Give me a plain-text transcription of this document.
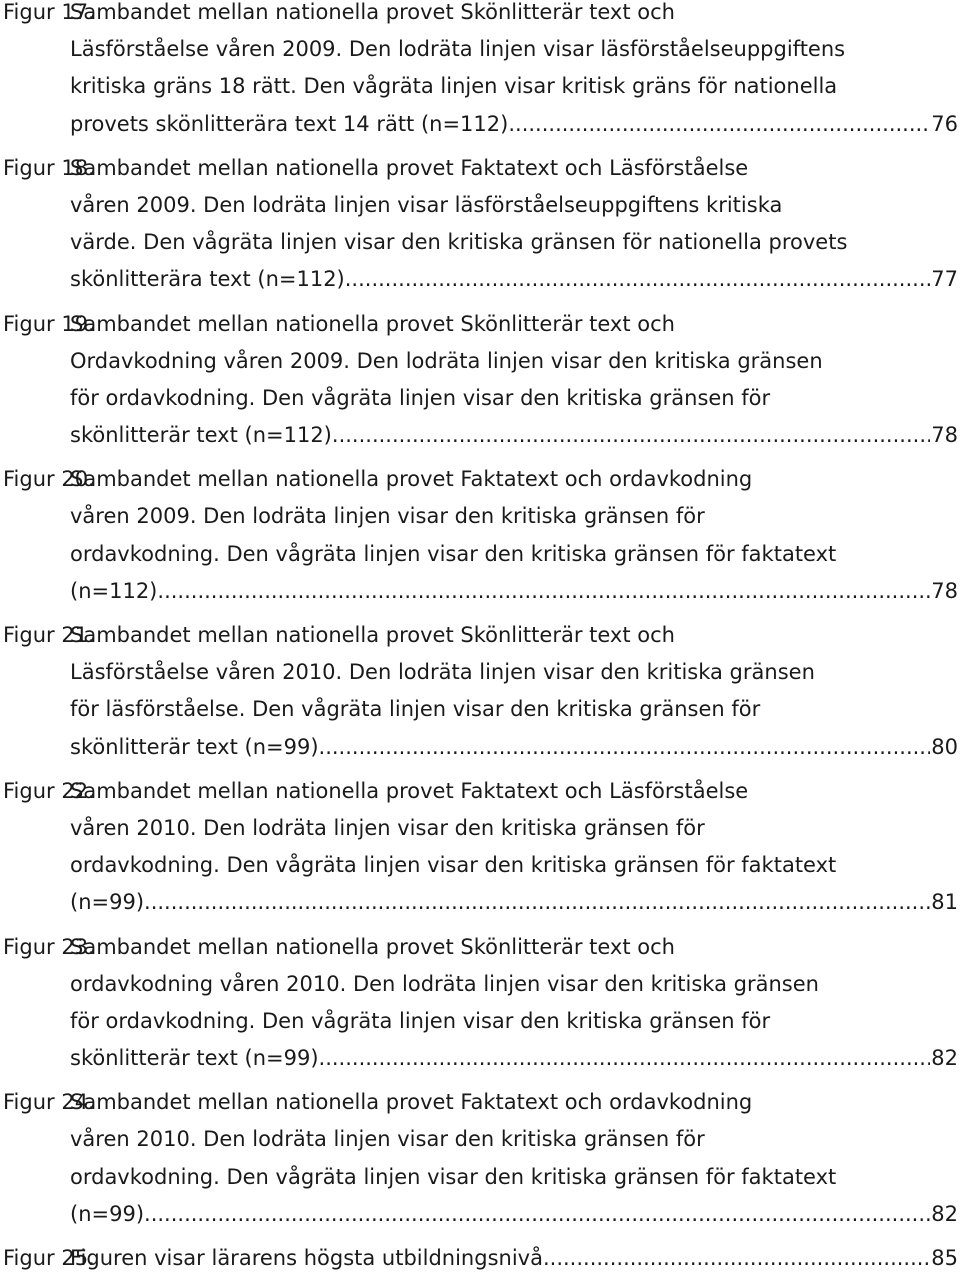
Figur 17.Sambandet mellan nationella provet Skönlitterär text och
Läsförståelse våren 2009. Den lodräta linjen visar läsförståelseuppgiftens
kritiska gräns 18 rätt. Den vågräta linjen visar kritisk gräns för nationella
provets skönlitterära text 14 rätt (n=112). .....	76
Figur 18.Sambandet mellan nationella provet Faktatext och Läsförståelse
våren 2009. Den lodräta linjen visar läsförståelseuppgiftens kritiska
värde. Den vågräta linjen visar den kritiska gränsen för nationella provets
skönlitterära text (n=112). .....	77
Figur 19.Sambandet mellan nationella provet Skönlitterär text och
Ordavkodning våren 2009. Den lodräta linjen visar den kritiska gränsen
för ordavkodning. Den vågräta linjen visar den kritiska gränsen för
skönlitterär text (n=112). .....	78
Figur 20.Sambandet mellan nationella provet Faktatext och ordavkodning
våren 2009. Den lodräta linjen visar den kritiska gränsen för
ordavkodning. Den vågräta linjen visar den kritiska gränsen för faktatext
(n=112). .....	78
Figur 21.Sambandet mellan nationella provet Skönlitterär text och
Läsförståelse våren 2010. Den lodräta linjen visar den kritiska gränsen
för läsförståelse. Den vågräta linjen visar den kritiska gränsen för
skönlitterär text (n=99). .....	80
Figur 22.Sambandet mellan nationella provet Faktatext och Läsförståelse
våren 2010. Den lodräta linjen visar den kritiska gränsen för
ordavkodning. Den vågräta linjen visar den kritiska gränsen för faktatext
(n=99). .....	81
Figur 23.Sambandet mellan nationella provet Skönlitterär text och
ordavkodning våren 2010. Den lodräta linjen visar den kritiska gränsen
för ordavkodning. Den vågräta linjen visar den kritiska gränsen för
skönlitterär text (n=99). .....	82
Figur 24.Sambandet mellan nationella provet Faktatext och ordavkodning
våren 2010. Den lodräta linjen visar den kritiska gränsen för
ordavkodning. Den vågräta linjen visar den kritiska gränsen för faktatext
(n=99). .....	82
Figur 25.
Figuren visar lärarens högsta utbildningsnivå. .....	85
